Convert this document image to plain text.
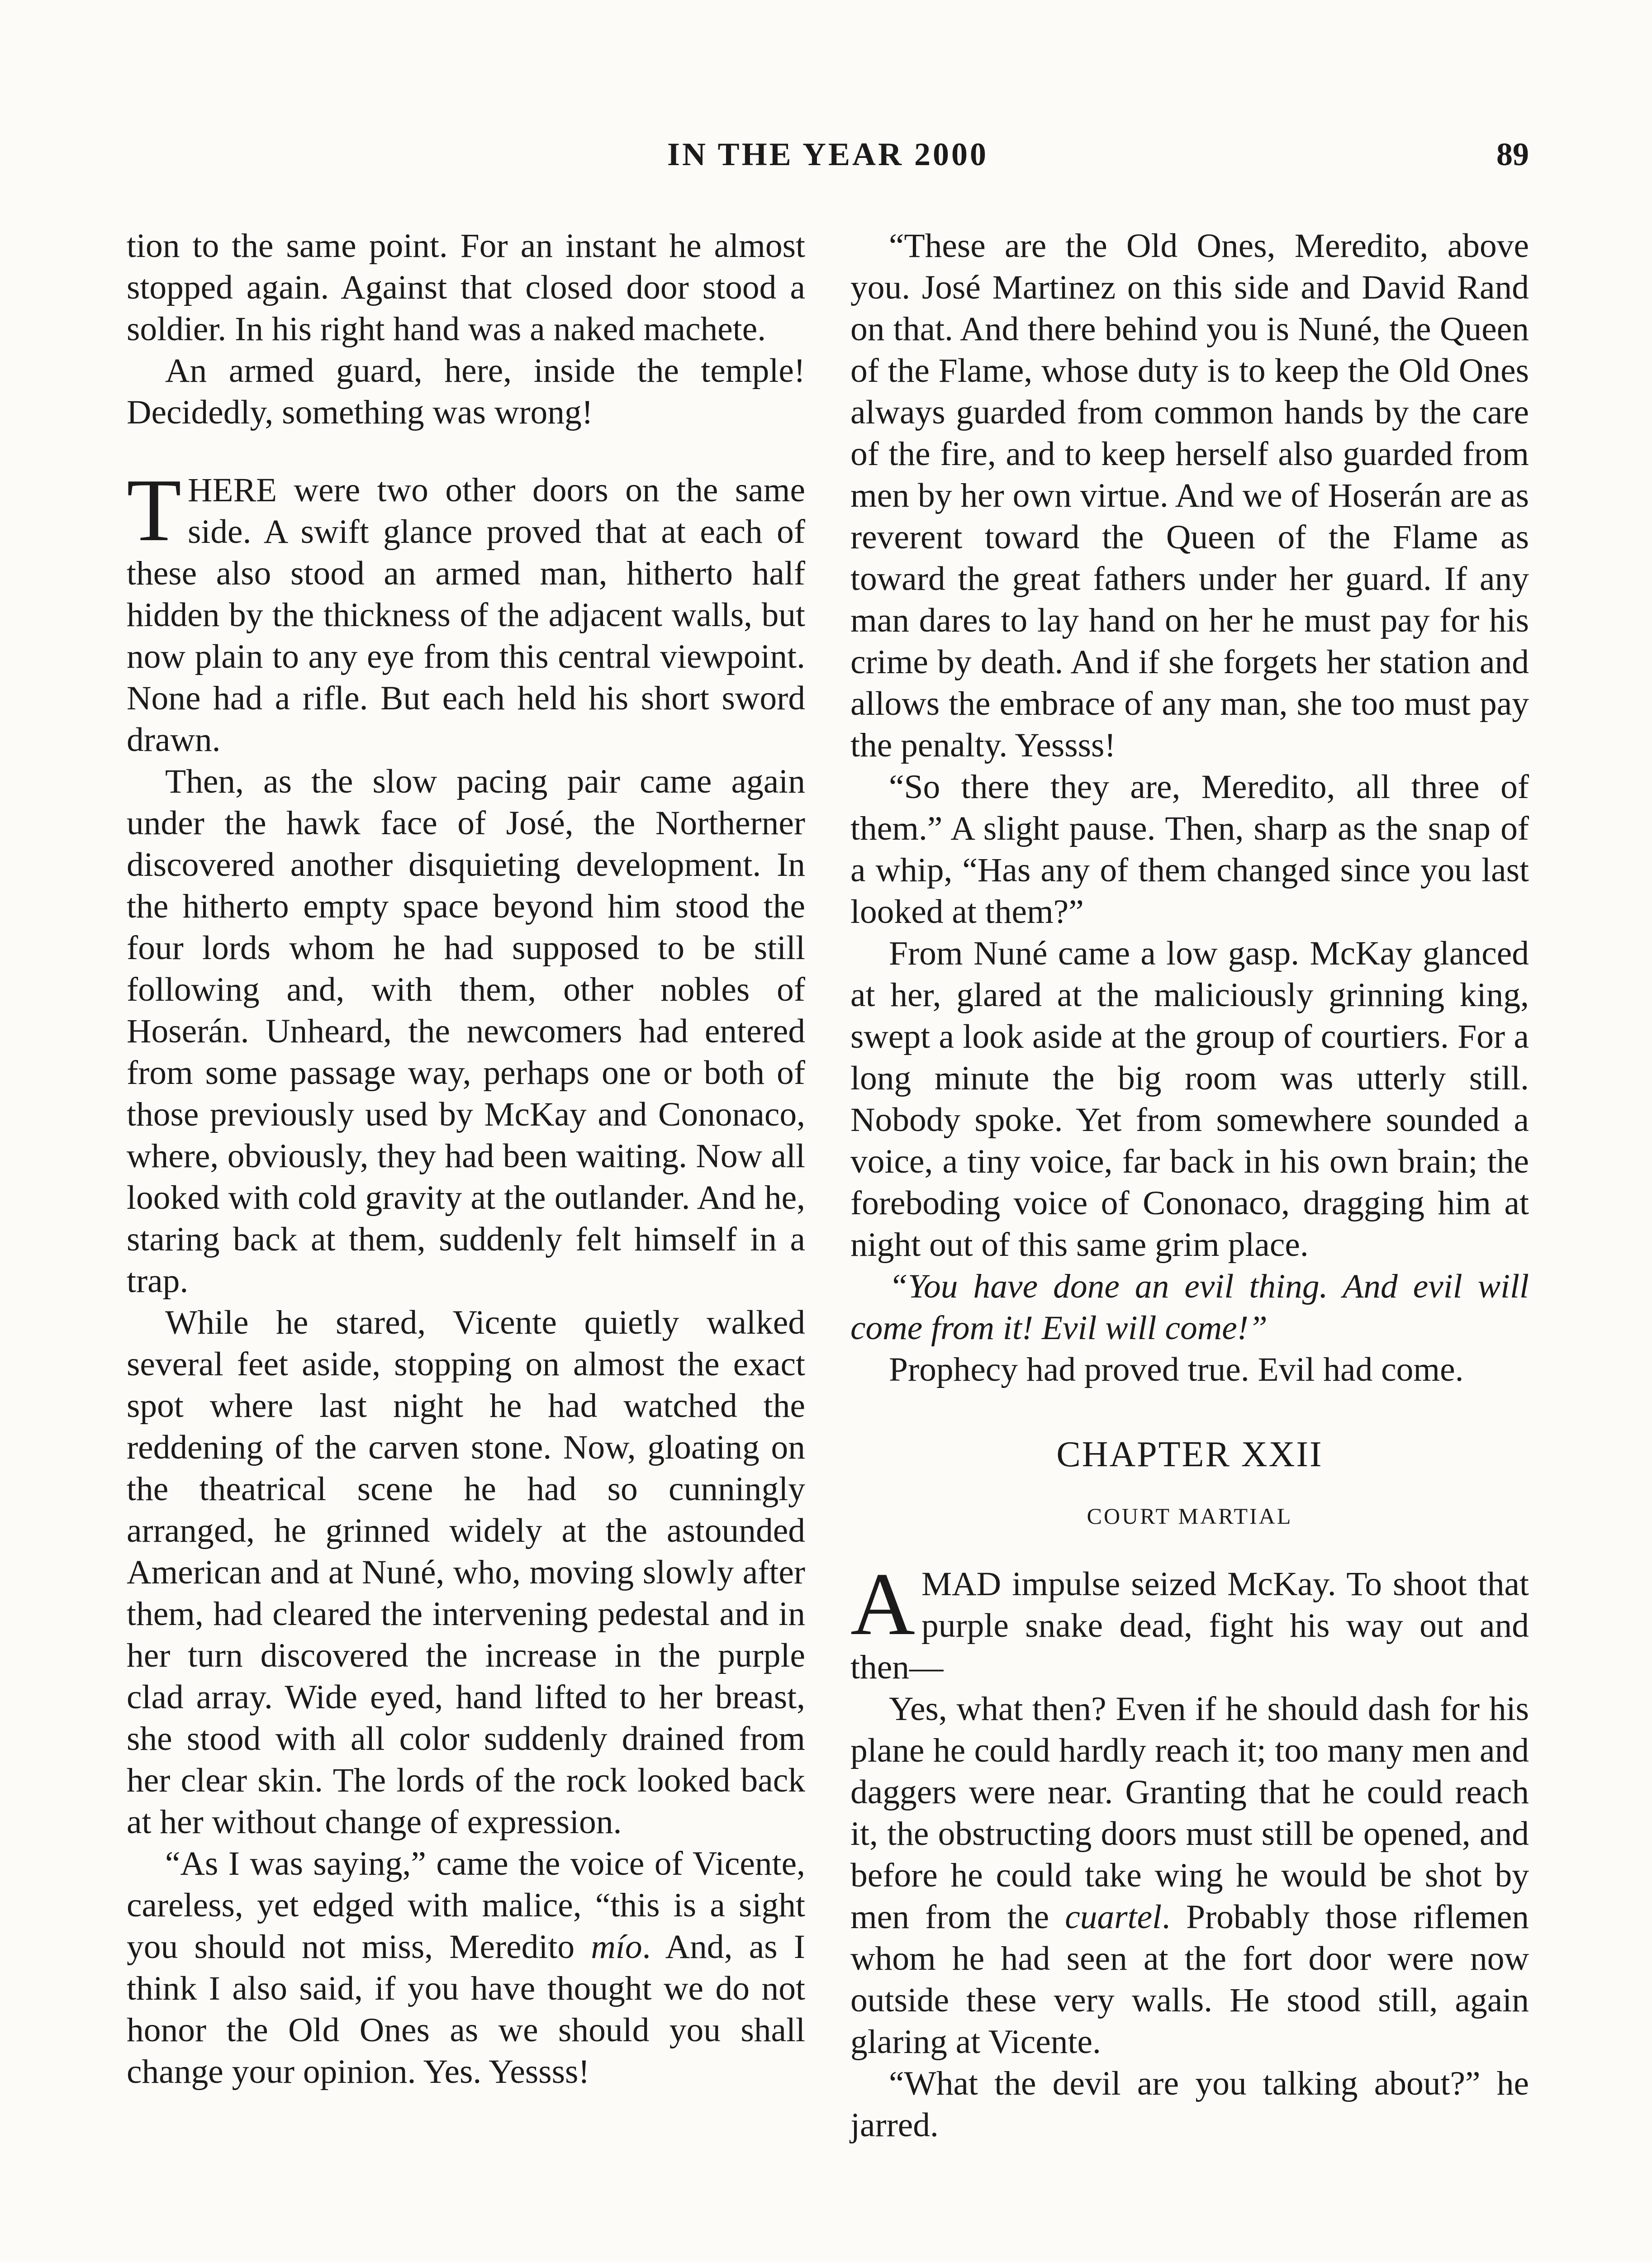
IN THE YEAR 2000	89

tion to the same point. For an instant he almost stopped again. Against that closed door stood a soldier. In his right hand was a naked machete.

An armed guard, here, inside the temple! Decidedly, something was wrong!

THERE were two other doors on the same side. A swift glance proved that at each of these also stood an armed man, hitherto half hidden by the thickness of the adjacent walls, but now plain to any eye from this central viewpoint. None had a rifle. But each held his short sword drawn.

Then, as the slow pacing pair came again under the hawk face of José, the Northerner discovered another disquieting development. In the hitherto empty space beyond him stood the four lords whom he had supposed to be still following and, with them, other nobles of Hoserán. Unheard, the newcomers had entered from some passage way, perhaps one or both of those previously used by McKay and Cononaco, where, obviously, they had been waiting. Now all looked with cold gravity at the outlander. And he, staring back at them, suddenly felt himself in a trap.

While he stared, Vicente quietly walked several feet aside, stopping on almost the exact spot where last night he had watched the reddening of the carven stone. Now, gloating on the theatrical scene he had so cunningly arranged, he grinned widely at the astounded American and at Nuné, who, moving slowly after them, had cleared the intervening pedestal and in her turn discovered the increase in the purple clad array. Wide eyed, hand lifted to her breast, she stood with all color suddenly drained from her clear skin. The lords of the rock looked back at her without change of expression.

“As I was saying,” came the voice of Vicente, careless, yet edged with malice, “this is a sight you should not miss, Meredito mío. And, as I think I also said, if you have thought we do not honor the Old Ones as we should you shall change your opinion. Yes. Yessss!

“These are the Old Ones, Meredito, above you. José Martinez on this side and David Rand on that. And there behind you is Nuné, the Queen of the Flame, whose duty is to keep the Old Ones always guarded from common hands by the care of the fire, and to keep herself also guarded from men by her own virtue. And we of Hoserán are as reverent toward the Queen of the Flame as toward the great fathers under her guard. If any man dares to lay hand on her he must pay for his crime by death. And if she forgets her station and allows the embrace of any man, she too must pay the penalty. Yessss!

“So there they are, Meredito, all three of them.” A slight pause. Then, sharp as the snap of a whip, “Has any of them changed since you last looked at them?”

From Nuné came a low gasp. McKay glanced at her, glared at the maliciously grinning king, swept a look aside at the group of courtiers. For a long minute the big room was utterly still. Nobody spoke. Yet from somewhere sounded a voice, a tiny voice, far back in his own brain; the foreboding voice of Cononaco, dragging him at night out of this same grim place.

“You have done an evil thing. And evil will come from it! Evil will come!”

Prophecy had proved true. Evil had come.

CHAPTER XXII
COURT MARTIAL

AMAD impulse seized McKay. To shoot that purple snake dead, fight his way out and then—

Yes, what then? Even if he should dash for his plane he could hardly reach it; too many men and daggers were near. Granting that he could reach it, the obstructing doors must still be opened, and before he could take wing he would be shot by men from the cuartel. Probably those riflemen whom he had seen at the fort door were now outside these very walls. He stood still, again glaring at Vicente.

“What the devil are you talking about?” he jarred.
